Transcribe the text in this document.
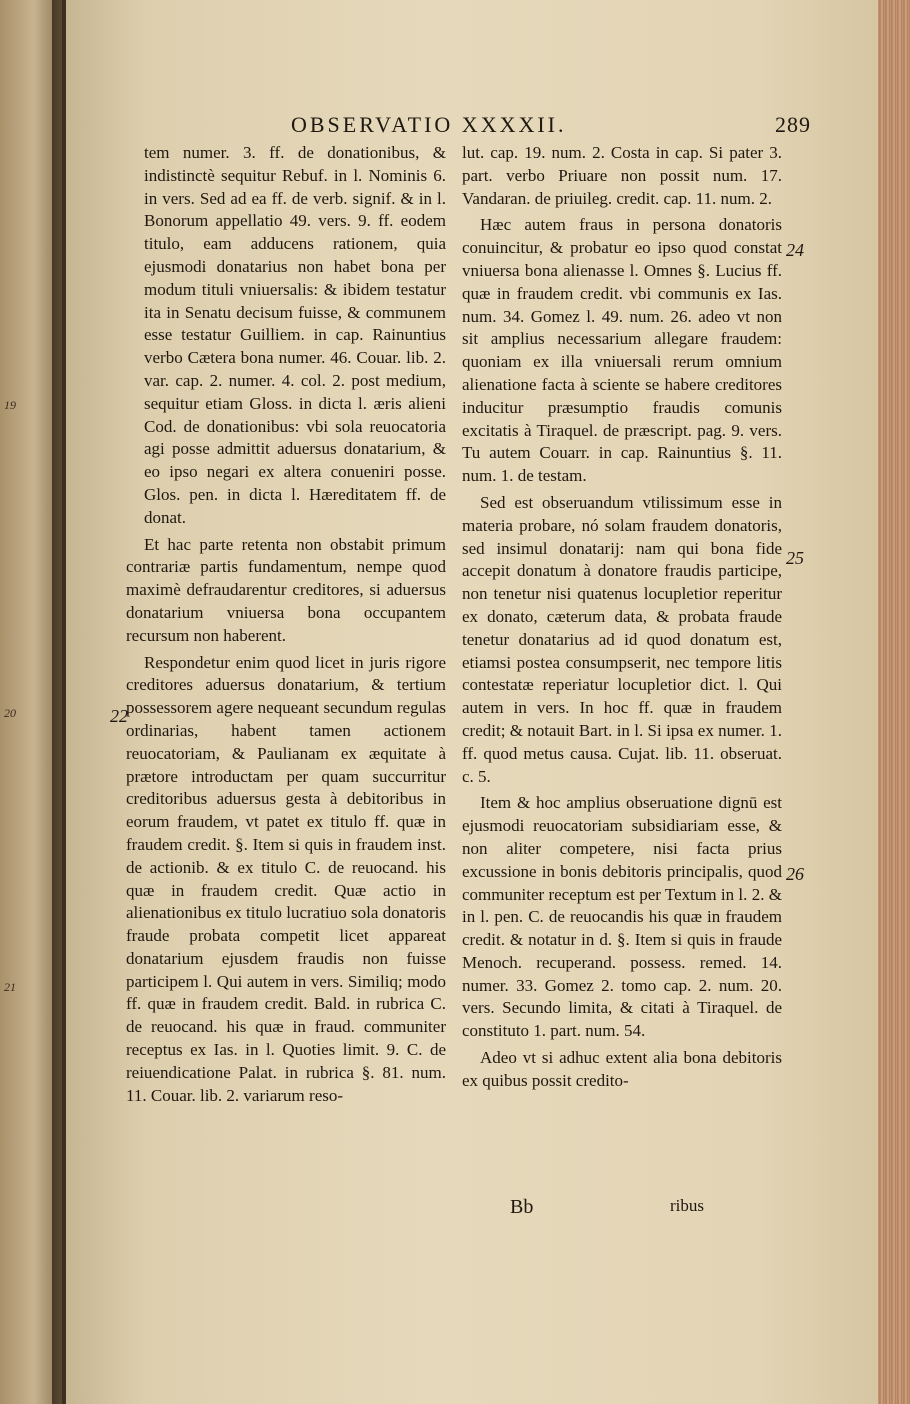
19
20
21
OBSERVATIO XXXXII.	289

tem numer. 3. ff. de donationibus, & indistinctè sequitur Rebuf. in l. Nominis 6. in vers. Sed ad ea ff. de verb. signif. & in l. Bonorum appellatio 49. vers. 9. ff. eodem titulo, eam adducens rationem, quia ejusmodi donatarius non habet bona per modum tituli vniuersalis: & ibidem testatur ita in Senatu decisum fuisse, & communem esse testatur Guilliem. in cap. Rainuntius verbo Cætera bona numer. 46. Couar. lib. 2. var. cap. 2. numer. 4. col. 2. post medium, sequitur etiam Gloss. in dicta l. æris alieni Cod. de donationibus: vbi sola reuocatoria agi posse admittit aduersus donatarium, & eo ipso negari ex altera conueniri posse. Glos. pen. in dicta l. Hæreditatem ff. de donat.

Et hac parte retenta non obstabit primum contrariæ partis fundamentum, nempe quod maximè defraudarentur creditores, si aduersus donatarium vniuersa bona occupantem recursum non haberent.

Respondetur enim quod licet in juris rigore creditores aduersus donatarium, & tertium possessorem agere nequeant secundum regulas ordinarias, habent tamen actionem reuocatoriam, & Paulianam ex æquitate à prætore introductam per quam succurritur creditoribus aduersus gesta à debitoribus in eorum fraudem, vt patet ex titulo ff. quæ in fraudem credit. §. Item si quis in fraudem inst. de actionib. & ex titulo C. de reuocand. his quæ in fraudem credit. Quæ actio in alienationibus ex titulo lucratiuo sola donatoris fraude probata competit licet appareat donatarium ejusdem fraudis non fuisse participem l. Qui autem in vers. Similiq; modo ff. quæ in fraudem credit. Bald. in rubrica C. de reuocand. his quæ in fraud. communiter receptus ex Ias. in l. Quoties limit. 9. C. de reiuendicatione Palat. in rubrica §. 81. num. 11. Couar. lib. 2. variarum reso-

22

lut. cap. 19. num. 2. Costa in cap. Si pater 3. part. verbo Priuare non possit num. 17. Vandaran. de priuileg. credit. cap. 11. num. 2.

Hæc autem fraus in persona donatoris conuincitur, & probatur eo ipso quod constat vniuersa bona alienasse l. Omnes §. Lucius ff. quæ in fraudem credit. vbi communis ex Ias. num. 34. Gomez l. 49. num. 26. adeo vt non sit amplius necessarium allegare fraudem: quoniam ex illa vniuersali rerum omnium alienatione facta à sciente se habere creditores inducitur præsumptio fraudis comunis excitatis à Tiraquel. de præscript. pag. 9. vers. Tu autem Couarr. in cap. Rainuntius §. 11. num. 1. de testam.

Sed est obseruandum vtilissimum esse in materia probare, nó solam fraudem donatoris, sed insimul donatarij: nam qui bona fide accepit donatum à donatore fraudis participe, non tenetur nisi quatenus locupletior reperitur ex donato, cæterum data, & probata fraude tenetur donatarius ad id quod donatum est, etiamsi postea consumpserit, nec tempore litis contestatæ reperiatur locupletior dict. l. Qui autem in vers. In hoc ff. quæ in fraudem credit; & notauit Bart. in l. Si ipsa ex numer. 1. ff. quod metus causa. Cujat. lib. 11. obseruat. c. 5.

Item & hoc amplius obseruatione dignū est ejusmodi reuocatoriam subsidiariam esse, & non aliter competere, nisi facta prius excussione in bonis debitoris principalis, quod communiter receptum est per Textum in l. 2. & in l. pen. C. de reuocandis his quæ in fraudem credit. & notatur in d. §. Item si quis in fraude Menoch. recuperand. possess. remed. 14. numer. 33. Gomez 2. tomo cap. 2. num. 20. vers. Secundo limita, & citati à Tiraquel. de constituto 1. part. num. 54.

Adeo vt si adhuc extent alia bona debitoris ex quibus possit credito-

24
25
26
Bb	ribus
